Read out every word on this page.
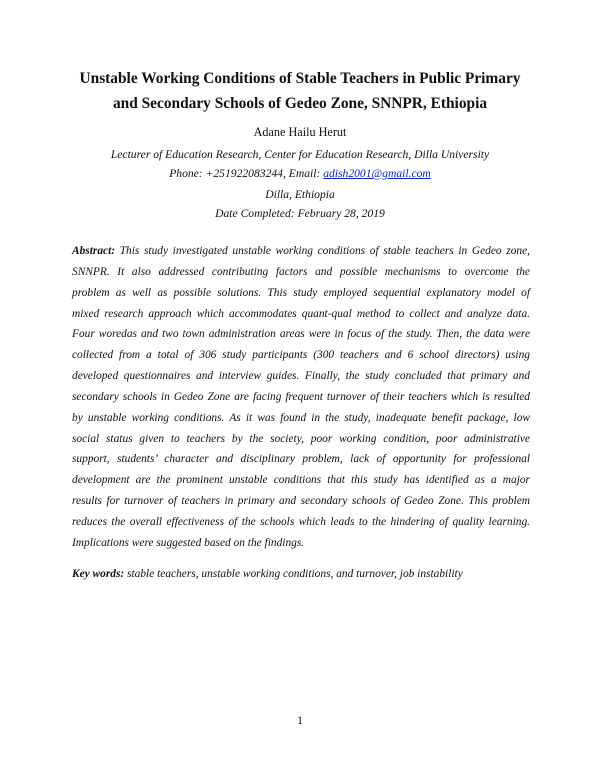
Unstable Working Conditions of Stable Teachers in Public Primary
and Secondary Schools of Gedeo Zone, SNNPR, Ethiopia

Adane Hailu Herut

Lecturer of Education Research, Center for Education Research, Dilla University

Phone: +251922083244, Email: adish2001@gmail.com

Dilla, Ethiopia

Date Completed: February 28, 2019

Abstract: This study investigated unstable working conditions of stable teachers in Gedeo zone,
SNNPR. It also addressed contributing factors and possible mechanisms to overcome the
problem as well as possible solutions. This study employed sequential explanatory model of
mixed research approach which accommodates quant-qual method to collect and analyze data.
Four woredas and two town administration areas were in focus of the study. Then, the data were
collected from a total of 306 study participants (300 teachers and 6 school directors) using
developed questionnaires and interview guides. Finally, the study concluded that primary and
secondary schools in Gedeo Zone are facing frequent turnover of their teachers which is resulted
by unstable working conditions. As it was found in the study, inadequate benefit package, low
social status given to teachers by the society, poor working condition, poor administrative
support, students’ character and disciplinary problem, lack of opportunity for professional
development are the prominent unstable conditions that this study has identified as a major
results for turnover of teachers in primary and secondary schools of Gedeo Zone. This problem
reduces the overall effectiveness of the schools which leads to the hindering of quality learning.
Implications were suggested based on the findings.

Key words: stable teachers, unstable working conditions, and turnover, job instability

1
